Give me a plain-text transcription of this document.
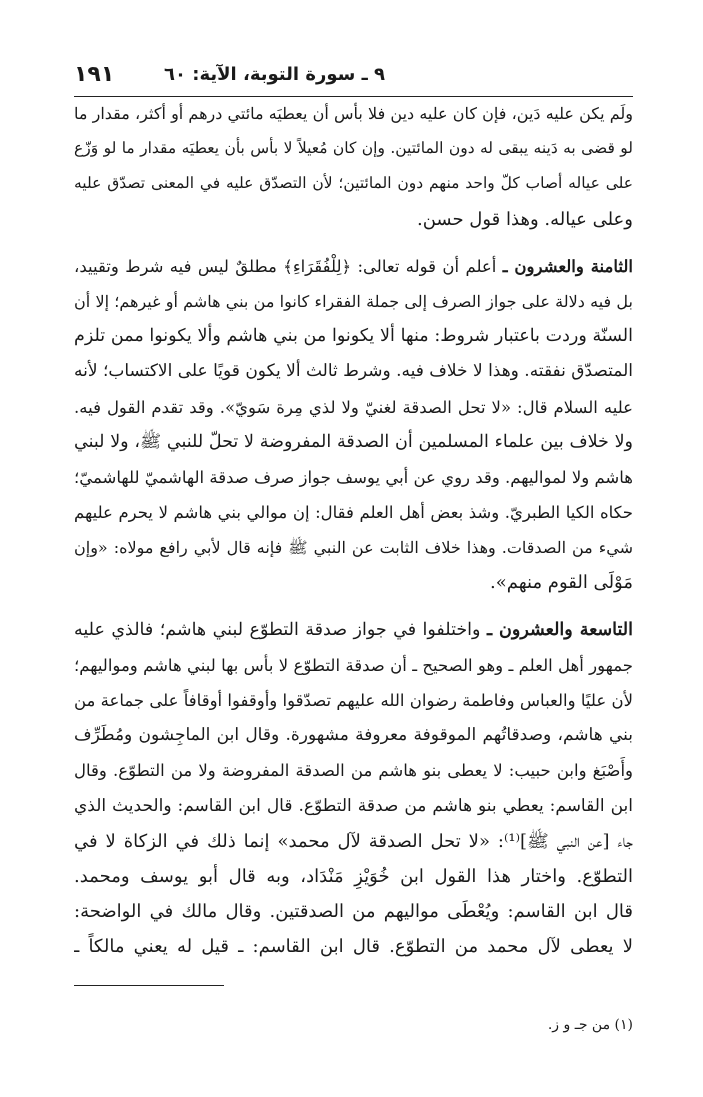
١٩١	٩ ـ سورة التوبة، الآية: ٦٠
ولَم يكن عليه دَين، فإن كان عليه دين فلا بأس أن يعطيَه مائتي درهم أو أكثر، مقدار ما
لو قضى به دَينه يبقى له دون المائتين. وإن كان مُعيلاً لا بأس بأن يعطيَه مقدار ما لو وَزّع
على عياله أصاب كلّ واحد منهم دون المائتين؛ لأن التصدّق عليه في المعنى تصدّق عليه
وعلى عياله. وهذا قول حسن.
الثامنة والعشرون ـ أعلم أن قوله تعالى: ﴿لِلْفُقَرَاءِ﴾ مطلقٌ ليس فيه شرط وتقييد،
بل فيه دلالة على جواز الصرف إلى جملة الفقراء كانوا من بني هاشم أو غيرهم؛ إلا أن
السنّة وردت باعتبار شروط: منها ألا يكونوا من بني هاشم وألا يكونوا ممن تلزم
المتصدّق نفقته. وهذا لا خلاف فيه. وشرط ثالث ألا يكون قويًا على الاكتساب؛ لأنه
عليه السلام قال: «لا تحل الصدقة لغنيّ ولا لذي مِرة سَويّ». وقد تقدم القول فيه.
ولا خلاف بين علماء المسلمين أن الصدقة المفروضة لا تحلّ للنبي ﷺ، ولا لبني
هاشم ولا لمواليهم. وقد روي عن أبي يوسف جواز صرف صدقة الهاشميّ للهاشميّ؛
حكاه الكيا الطبريّ. وشذ بعض أهل العلم فقال: إن موالي بني هاشم لا يحرم عليهم
شيء من الصدقات. وهذا خلاف الثابت عن النبي ﷺ فإنه قال لأبي رافع مولاه: «وإن
مَوْلَى القوم منهم».
التاسعة والعشرون ـ واختلفوا في جواز صدقة التطوّع لبني هاشم؛ فالذي عليه
جمهور أهل العلم ـ وهو الصحيح ـ أن صدقة التطوّع لا بأس بها لبني هاشم ومواليهم؛
لأن عليًا والعباس وفاطمة رضوان الله عليهم تصدّقوا وأوقفوا أوقافاً على جماعة من
بني هاشم، وصدقاتُهم الموقوفة معروفة مشهورة. وقال ابن الماجِشون ومُطَرِّف
وأَصْبَغ وابن حبيب: لا يعطى بنو هاشم من الصدقة المفروضة ولا من التطوّع. وقال
ابن القاسم: يعطي بنو هاشم من صدقة التطوّع. قال ابن القاسم: والحديث الذي
جاء [عن النبي ﷺ]⁽¹⁾: «لا تحل الصدقة لآل محمد» إنما ذلك في الزكاة لا في
التطوّع. واختار هذا القول ابن خُوَيْزِ مَنْدَاد، وبه قال أبو يوسف ومحمد.
قال ابن القاسم: ويُعْطَى مواليهم من الصدقتين. وقال مالك في الواضحة:
لا يعطى لآل محمد من التطوّع. قال ابن القاسم: ـ قيل له يعني مالكاً ـ
(١) من جـ و ز.
